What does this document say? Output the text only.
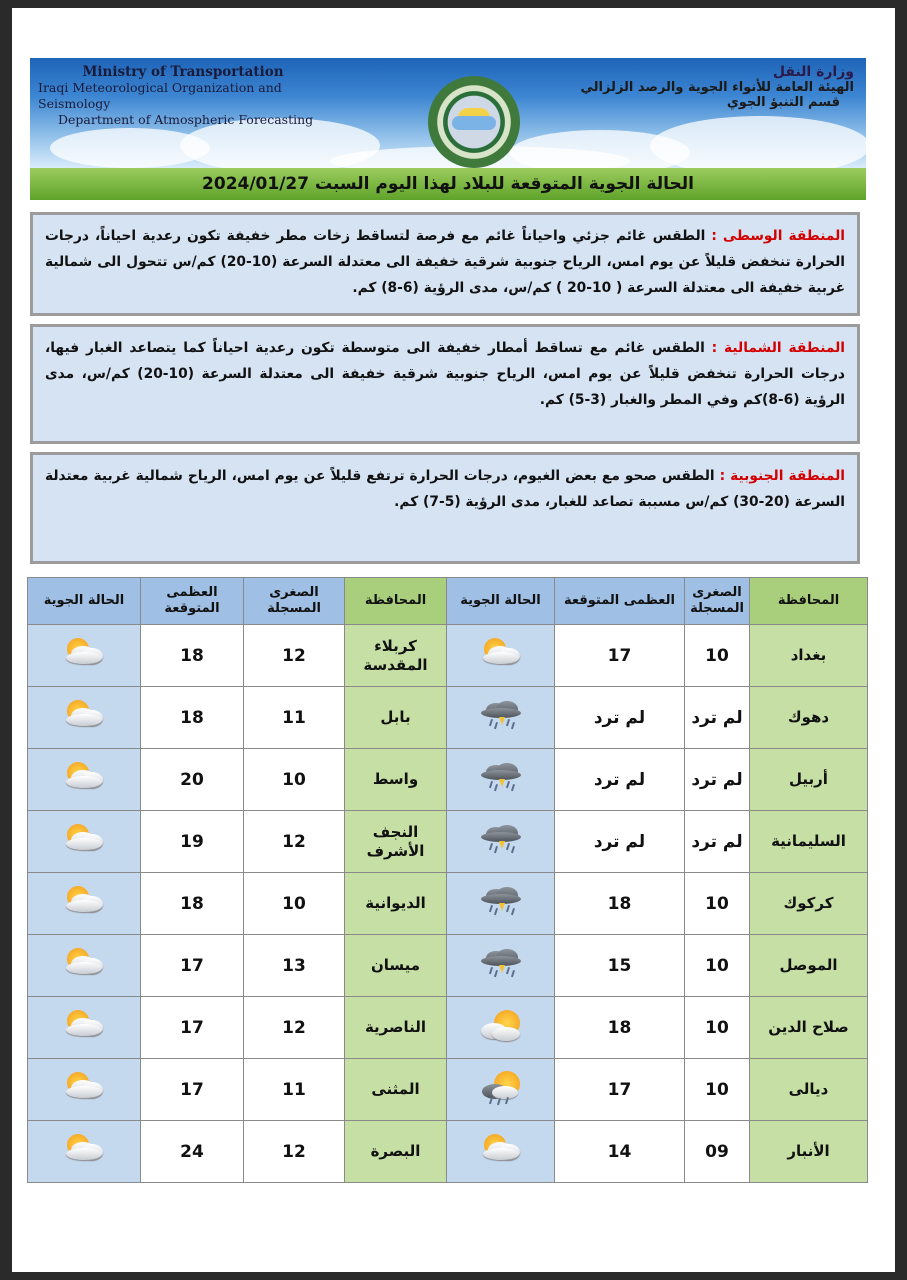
Ministry of Transportation
Iraqi Meteorological Organization and Seismology
Department of Atmospheric Forecasting
وزارة النقل
الهيئة العامة للأنواء الجوية والرصد الزلزالي
قسم التنبؤ الجوي
الحالة الجوية المتوقعة للبلاد لهذا اليوم السبت 2024/01/27
المنطقة الوسطى : الطقس غائم جزئي واحياناً غائم مع فرصة لتساقط زخات مطر خفيفة تكون رعدية احياناً، درجات الحرارة تنخفض قليلاً عن يوم امس، الرياح جنوبية شرقية خفيفة الى معتدلة السرعة (10-20) كم/س تتحول الى شمالية غربية خفيفة الى معتدلة السرعة ( 10-20 ) كم/س، مدى الرؤية (6-8) كم.
المنطقة الشمالية : الطقس غائم مع تساقط أمطار خفيفة الى متوسطة تكون رعدية احياناً كما يتصاعد الغبار فيها، درجات الحرارة تنخفض قليلاً عن يوم امس، الرياح جنوبية شرقية خفيفة الى معتدلة السرعة (10-20) كم/س، مدى الرؤية (6-8)كم وفي المطر والغبار (3-5) كم.
المنطقة الجنوبية : الطقس صحو مع بعض الغيوم، درجات الحرارة ترتفع قليلاً عن يوم امس، الرياح شمالية غربية معتدلة السرعة (20-30) كم/س مسببة تصاعد للغبار، مدى الرؤية (5-7) كم.
الحالة الجوية	العظمى المتوقعة	الصغرى المسجلة	المحافظة	الحالة الجوية	العظمى المتوقعة	الصغرى المسجلة	المحافظة

	18	12	كربلاء المقدسة		17	10	بغداد

	18	11	بابل		لم ترد	لم ترد	دهوك

	20	10	واسط		لم ترد	لم ترد	أربيل

	19	12	النجف الأشرف		لم ترد	لم ترد	السليمانية

	18	10	الديوانية		18	10	كركوك

	17	13	ميسان		15	10	الموصل

	17	12	الناصرية		18	10	صلاح الدين

	17	11	المثنى		17	10	ديالى

	24	12	البصرة		14	09	الأنبار
